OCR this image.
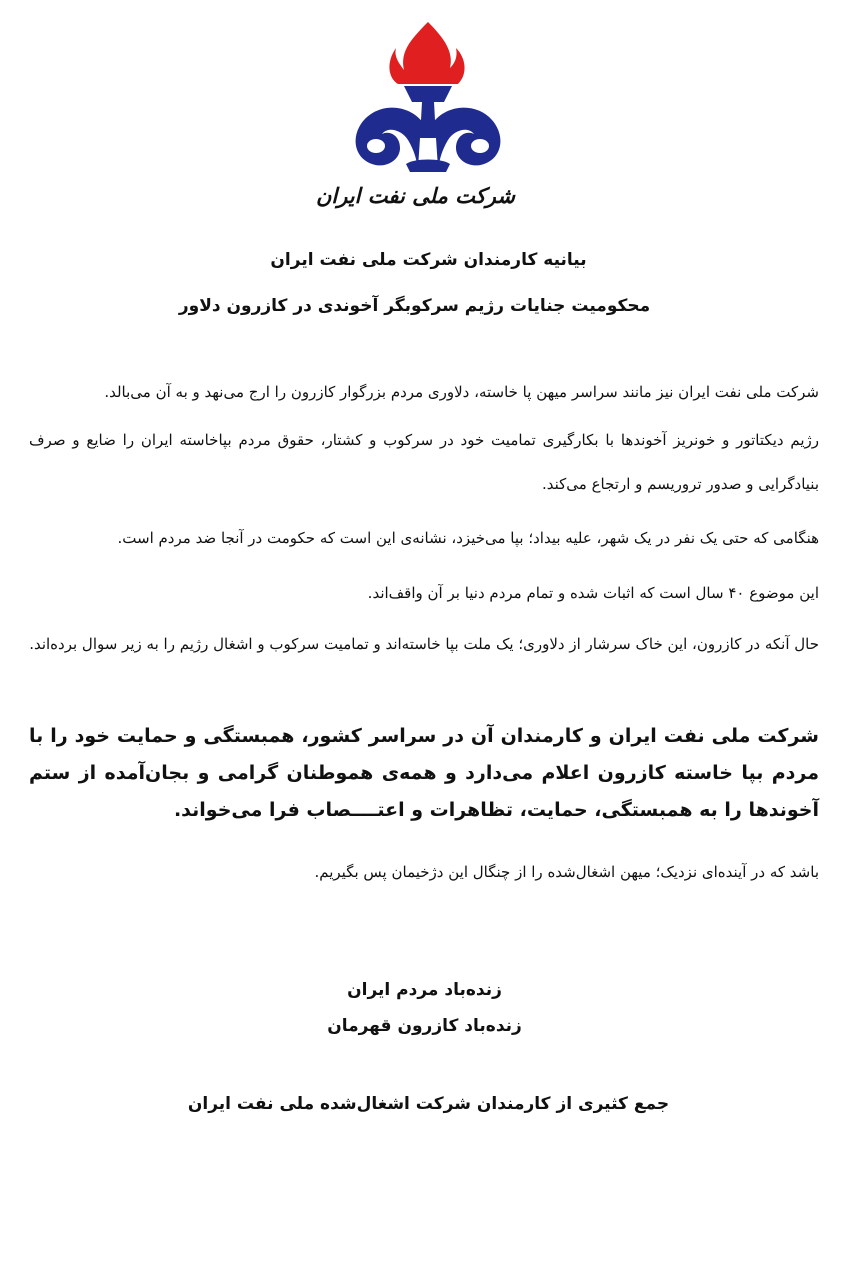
شرکت ملی نفت ایران
بیانیه کارمندان شرکت ملی نفت ایران
محکومیت جنایات رژیم سرکوبگر آخوندی در کازرون دلاور

شرکت ملی نفت ایران نیز مانند سراسر میهن پا خاسته، دلاوری مردم بزرگوار کازرون را ارج می‌نهد و به آن می‌بالد.

رژیم دیکتاتور و خونریز آخوندها با بکارگیری تمامیت خود در سرکوب و کشتار، حقوق مردم بپاخاسته ایران را ضایع و صرف بنیادگرایی و صدور تروریسم و ارتجاع می‌کند.

هنگامی که حتی یک نفر در یک شهر، علیه بیداد؛ بپا می‌خیزد، نشانه‌ی این است که حکومت در آنجا ضد مردم است.

این موضوع ۴۰ سال است که اثبات شده و تمام مردم دنیا بر آن واقف‌اند.

حال آنکه در کازرون، این خاک سرشار از دلاوری؛ یک ملت بپا خاسته‌اند و تمامیت سرکوب و اشغال رژیم را به زیر سوال برده‌اند.

شرکت ملی نفت ایران و کارمندان آن در سراسر کشور، همبستگی و حمایت خود را با مردم بپا خاسته کازرون اعلام می‌دارد و همه‌ی هموطنان گرامی و بجان‌آمده از ستم آخوندها را به همبستگی، حمایت، تظاهرات و اعتــــصاب فرا می‌خواند.

باشد که در آینده‌ای نزدیک؛ میهن اشغال‌شده را از چنگال این دژخیمان پس بگیریم.

زنده‌باد مردم ایران
زنده‌باد کازرون قهرمان
جمع کثیری از کارمندان شرکت اشغال‌شده ملی نفت ایران
